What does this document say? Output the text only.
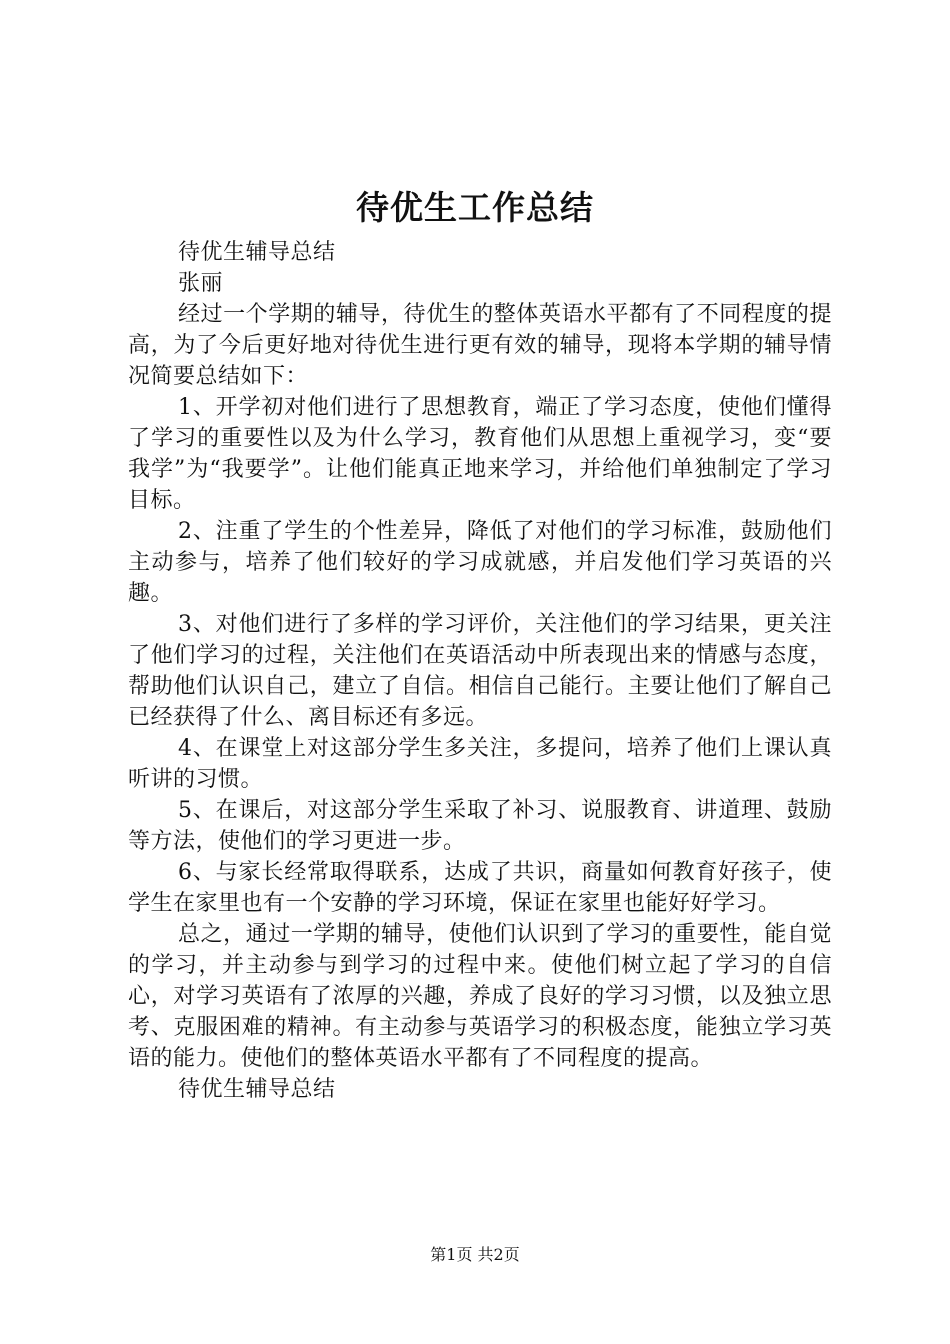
待优生工作总结

待优生辅导总结

张丽

经过一个学期的辅导，待优生的整体英语水平都有了不同程度的提高，为了今后更好地对待优生进行更有效的辅导，现将本学期的辅导情况简要总结如下：

1、开学初对他们进行了思想教育，端正了学习态度，使他们懂得了学习的重要性以及为什么学习，教育他们从思想上重视学习，变“要我学”为“我要学”。让他们能真正地来学习，并给他们单独制定了学习目标。

2、注重了学生的个性差异，降低了对他们的学习标准，鼓励他们主动参与，培养了他们较好的学习成就感，并启发他们学习英语的兴趣。

3、对他们进行了多样的学习评价，关注他们的学习结果，更关注了他们学习的过程，关注他们在英语活动中所表现出来的情感与态度，帮助他们认识自己，建立了自信。相信自己能行。主要让他们了解自己已经获得了什么、离目标还有多远。

4、在课堂上对这部分学生多关注，多提问，培养了他们上课认真听讲的习惯。

5、在课后，对这部分学生采取了补习、说服教育、讲道理、鼓励等方法，使他们的学习更进一步。

6、与家长经常取得联系，达成了共识，商量如何教育好孩子，使学生在家里也有一个安静的学习环境，保证在家里也能好好学习。

总之，通过一学期的辅导，使他们认识到了学习的重要性，能自觉的学习，并主动参与到学习的过程中来。使他们树立起了学习的自信心，对学习英语有了浓厚的兴趣，养成了良好的学习习惯，以及独立思考、克服困难的精神。有主动参与英语学习的积极态度，能独立学习英语的能力。使他们的整体英语水平都有了不同程度的提高。

待优生辅导总结

第1页 共2页
